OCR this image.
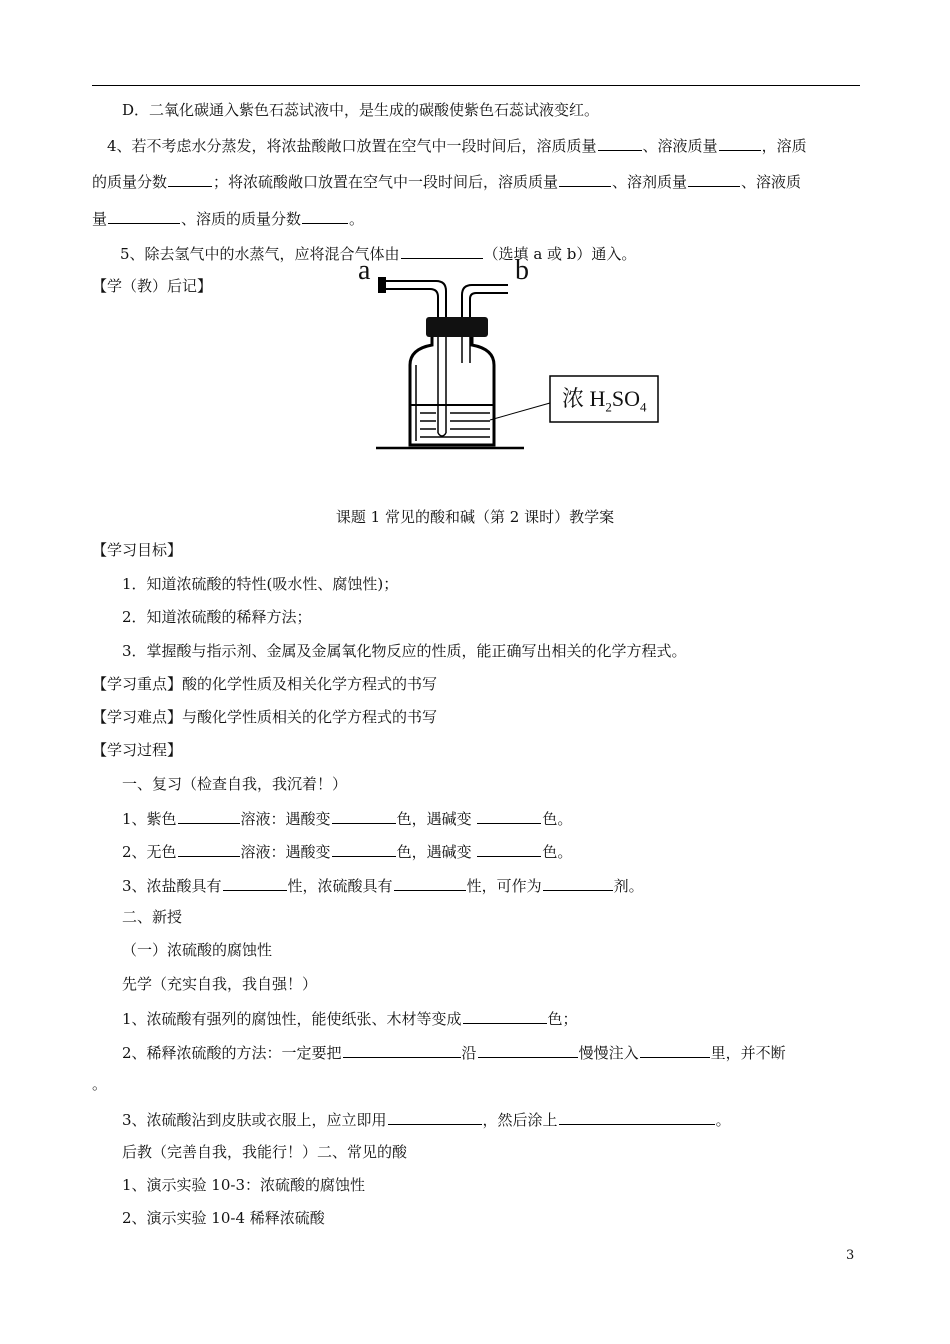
D．二氧化碳通入紫色石蕊试液中，是生成的碳酸使紫色石蕊试液变红。
4、若不考虑水分蒸发，将浓盐酸敞口放置在空气中一段时间后，溶质质量	、溶液质量	，溶质
的质量分数	；将浓硫酸敞口放置在空气中一段时间后，溶质质量	、溶剂质量	、溶液质
量	、溶质的质量分数	。
5、除去氢气中的水蒸气，应将混合气体由	（选填 a 或 b）通入。
【学（教）后记】	a	b
浓 $H_2SO_4$
课题 1 常见的酸和碱（第 2 课时）教学案
【学习目标】
1．知道浓硫酸的特性(吸水性、腐蚀性)；
2．知道浓硫酸的稀释方法；
3．掌握酸与指示剂、金属及金属氧化物反应的性质，能正确写出相关的化学方程式。
【学习重点】酸的化学性质及相关化学方程式的书写
【学习难点】与酸化学性质相关的化学方程式的书写
【学习过程】
一、复习（检查自我，我沉着！）
1、紫色	溶液：遇酸变	色，遇碱变	色。
2、无色	溶液：遇酸变	色，遇碱变	色。
3、浓盐酸具有	性，浓硫酸具有	性，可作为	剂。
二、新授
（一）浓硫酸的腐蚀性
先学（充实自我，我自强！）
1、浓硫酸有强列的腐蚀性，能使纸张、木材等变成	色；
2、稀释浓硫酸的方法：一定要把	沿	慢慢注入	里，并不断
。
3、浓硫酸沾到皮肤或衣服上，应立即用	，然后涂上	。
后教（完善自我，我能行！）二、常见的酸
1、演示实验 10-3：浓硫酸的腐蚀性
2、演示实验 10-4 稀释浓硫酸
3
